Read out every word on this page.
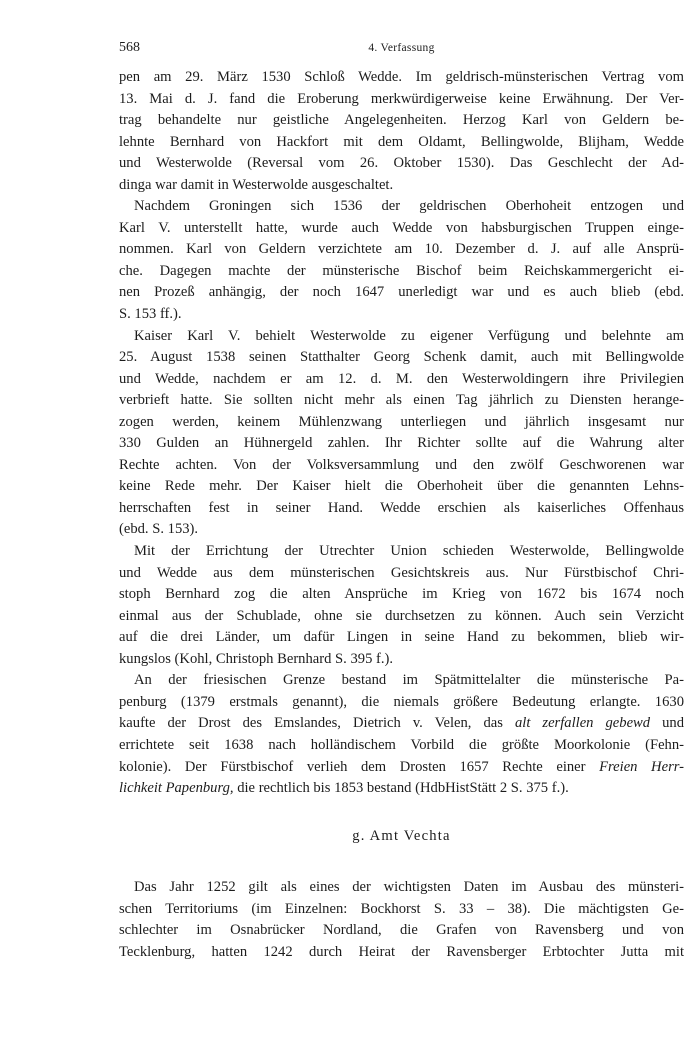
568	4. Verfassung
pen am 29. März 1530 Schloß Wedde. Im geldrisch-münsterischen Vertrag vom
13. Mai d. J. fand die Eroberung merkwürdigerweise keine Erwähnung. Der Ver-
trag behandelte nur geistliche Angelegenheiten. Herzog Karl von Geldern be-
lehnte Bernhard von Hackfort mit dem Oldamt, Bellingwolde, Blijham, Wedde
und Westerwolde (Reversal vom 26. Oktober 1530). Das Geschlecht der Ad-
dinga war damit in Westerwolde ausgeschaltet.
Nachdem Groningen sich 1536 der geldrischen Oberhoheit entzogen und
Karl V. unterstellt hatte, wurde auch Wedde von habsburgischen Truppen einge-
nommen. Karl von Geldern verzichtete am 10. Dezember d. J. auf alle Ansprü-
che. Dagegen machte der münsterische Bischof beim Reichskammergericht ei-
nen Prozeß anhängig, der noch 1647 unerledigt war und es auch blieb (ebd.
S. 153 ff.).
Kaiser Karl V. behielt Westerwolde zu eigener Verfügung und belehnte am
25. August 1538 seinen Statthalter Georg Schenk damit, auch mit Bellingwolde
und Wedde, nachdem er am 12. d. M. den Westerwoldingern ihre Privilegien
verbrieft hatte. Sie sollten nicht mehr als einen Tag jährlich zu Diensten herange-
zogen werden, keinem Mühlenzwang unterliegen und jährlich insgesamt nur
330 Gulden an Hühnergeld zahlen. Ihr Richter sollte auf die Wahrung alter
Rechte achten. Von der Volksversammlung und den zwölf Geschworenen war
keine Rede mehr. Der Kaiser hielt die Oberhoheit über die genannten Lehns-
herrschaften fest in seiner Hand. Wedde erschien als kaiserliches Offenhaus
(ebd. S. 153).
Mit der Errichtung der Utrechter Union schieden Westerwolde, Bellingwolde
und Wedde aus dem münsterischen Gesichtskreis aus. Nur Fürstbischof Chri-
stoph Bernhard zog die alten Ansprüche im Krieg von 1672 bis 1674 noch
einmal aus der Schublade, ohne sie durchsetzen zu können. Auch sein Verzicht
auf die drei Länder, um dafür Lingen in seine Hand zu bekommen, blieb wir-
kungslos (Kohl, Christoph Bernhard S. 395 f.).
An der friesischen Grenze bestand im Spätmittelalter die münsterische Pa-
penburg (1379 erstmals genannt), die niemals größere Bedeutung erlangte. 1630
kaufte der Drost des Emslandes, Dietrich v. Velen, das alt zerfallen gebewd und
errichtete seit 1638 nach holländischem Vorbild die größte Moorkolonie (Fehn-
kolonie). Der Fürstbischof verlieh dem Drosten 1657 Rechte einer Freien Herr-
lichkeit Papenburg, die rechtlich bis 1853 bestand (HdbHistStätt 2 S. 375 f.).
g. Amt Vechta
Das Jahr 1252 gilt als eines der wichtigsten Daten im Ausbau des münsteri-
schen Territoriums (im Einzelnen: Bockhorst S. 33 – 38). Die mächtigsten Ge-
schlechter im Osnabrücker Nordland, die Grafen von Ravensberg und von
Tecklenburg, hatten 1242 durch Heirat der Ravensberger Erbtochter Jutta mit
